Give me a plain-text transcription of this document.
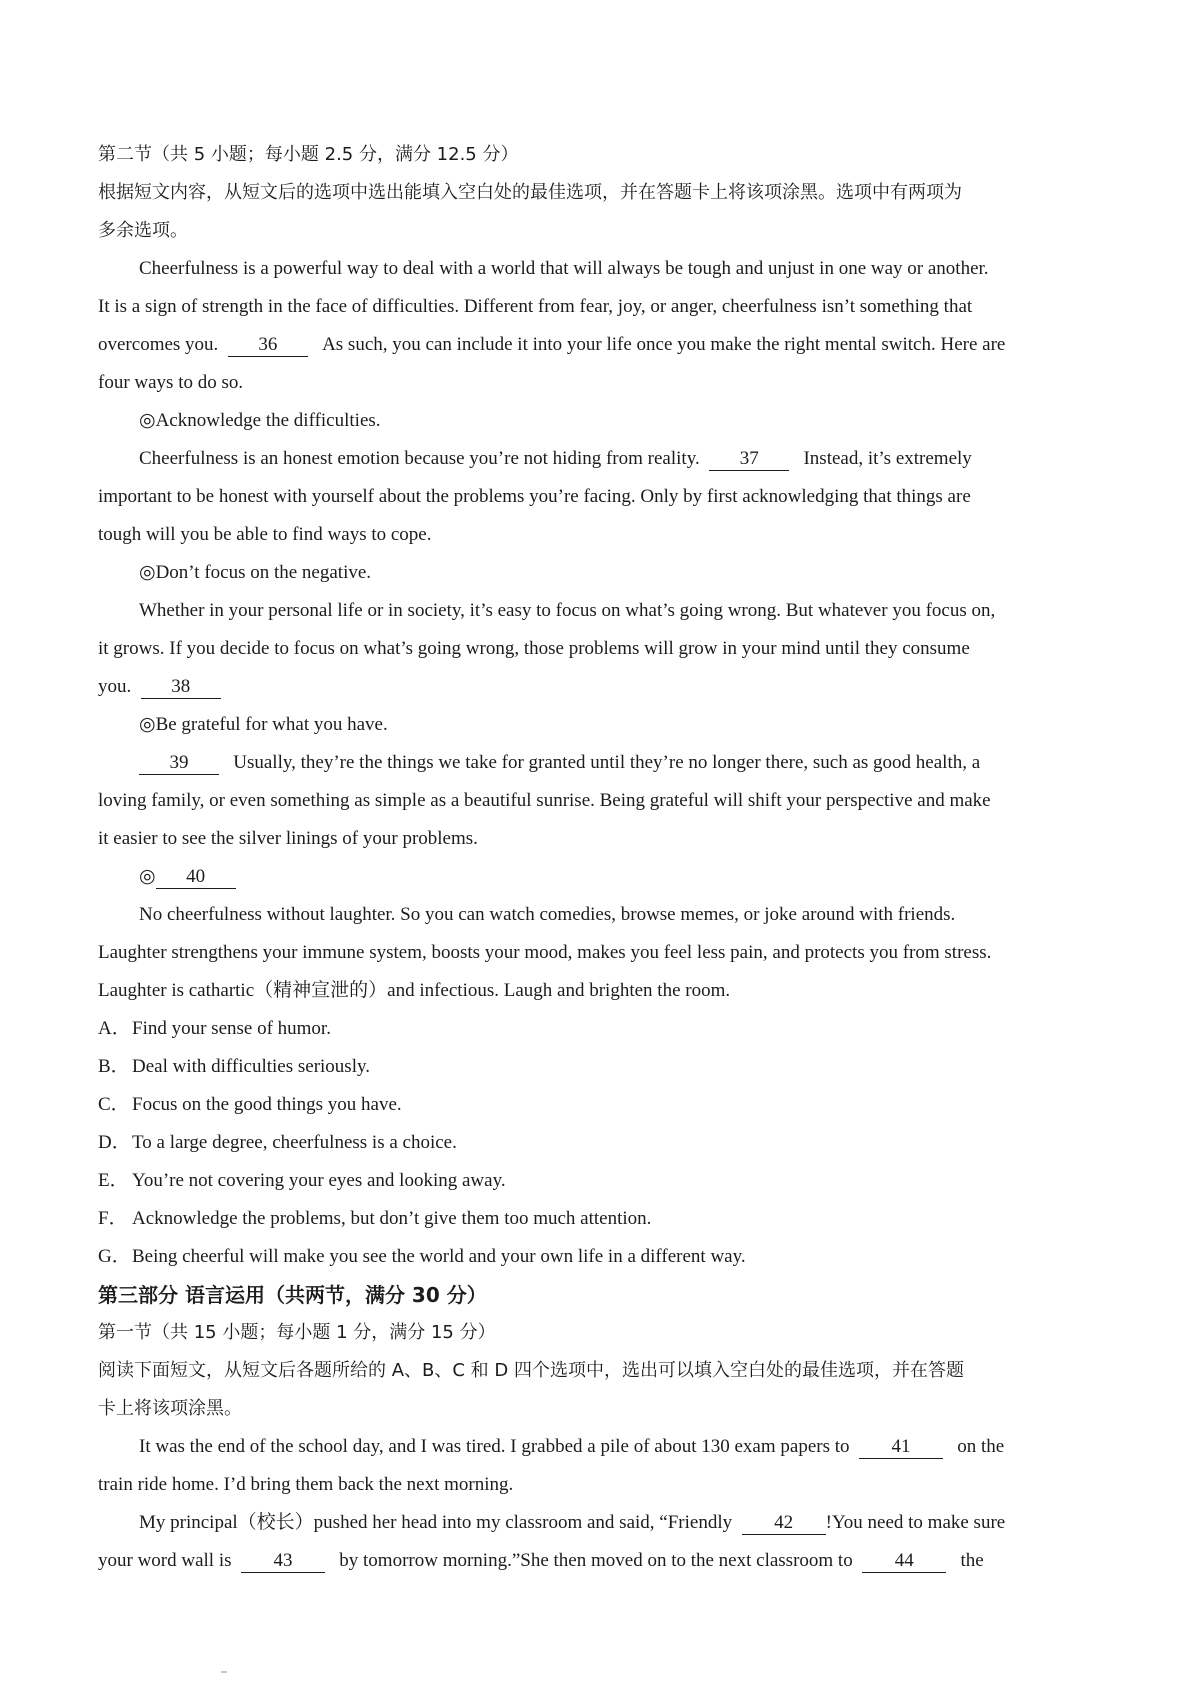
第二节（共 5 小题；每小题 2.5 分，满分 12.5 分）

根据短文内容，从短文后的选项中选出能填入空白处的最佳选项，并在答题卡上将该项涂黑。选项中有两项为

多余选项。

Cheerfulness is a powerful way to deal with a world that will always be tough and unjust in one way or another.

It is a sign of strength in the face of difficulties. Different from fear, joy, or anger, cheerfulness isn’t something that

overcomes you. 36 As such, you can include it into your life once you make the right mental switch. Here are

four ways to do so.

◎Acknowledge the difficulties.

Cheerfulness is an honest emotion because you’re not hiding from reality. 37 Instead, it’s extremely

important to be honest with yourself about the problems you’re facing. Only by first acknowledging that things are

tough will you be able to find ways to cope.

◎Don’t focus on the negative.

Whether in your personal life or in society, it’s easy to focus on what’s going wrong. But whatever you focus on,

it grows. If you decide to focus on what’s going wrong, those problems will grow in your mind until they consume

you. 38

◎Be grateful for what you have.

39 Usually, they’re the things we take for granted until they’re no longer there, such as good health, a

loving family, or even something as simple as a beautiful sunrise. Being grateful will shift your perspective and make

it easier to see the silver linings of your problems.

◎ 40

No cheerfulness without laughter. So you can watch comedies, browse memes, or joke around with friends.

Laughter strengthens your immune system, boosts your mood, makes you feel less pain, and protects you from stress.

Laughter is cathartic（精神宣泄的）and infectious. Laugh and brighten the room.

A．Find your sense of humor.

B． Deal with difficulties seriously.

C． Focus on the good things you have.

D．To a large degree, cheerfulness is a choice.

E． You’re not covering your eyes and looking away.

F． Acknowledge the problems, but don’t give them too much attention.

G．Being cheerful will make you see the world and your own life in a different way.

第三部分 语言运用（共两节，满分 30 分）

第一节（共 15 小题；每小题 1 分，满分 15 分）

阅读下面短文，从短文后各题所给的 A、B、C 和 D 四个选项中，选出可以填入空白处的最佳选项，并在答题

卡上将该项涂黑。

It was the end of the school day, and I was tired. I grabbed a pile of about 130 exam papers to 41 on the

train ride home. I’d bring them back the next morning.

My principal（校长）pushed her head into my classroom and said, “Friendly 42 !You need to make sure

your word wall is 43 by tomorrow morning.”She then moved on to the next classroom to 44 the
